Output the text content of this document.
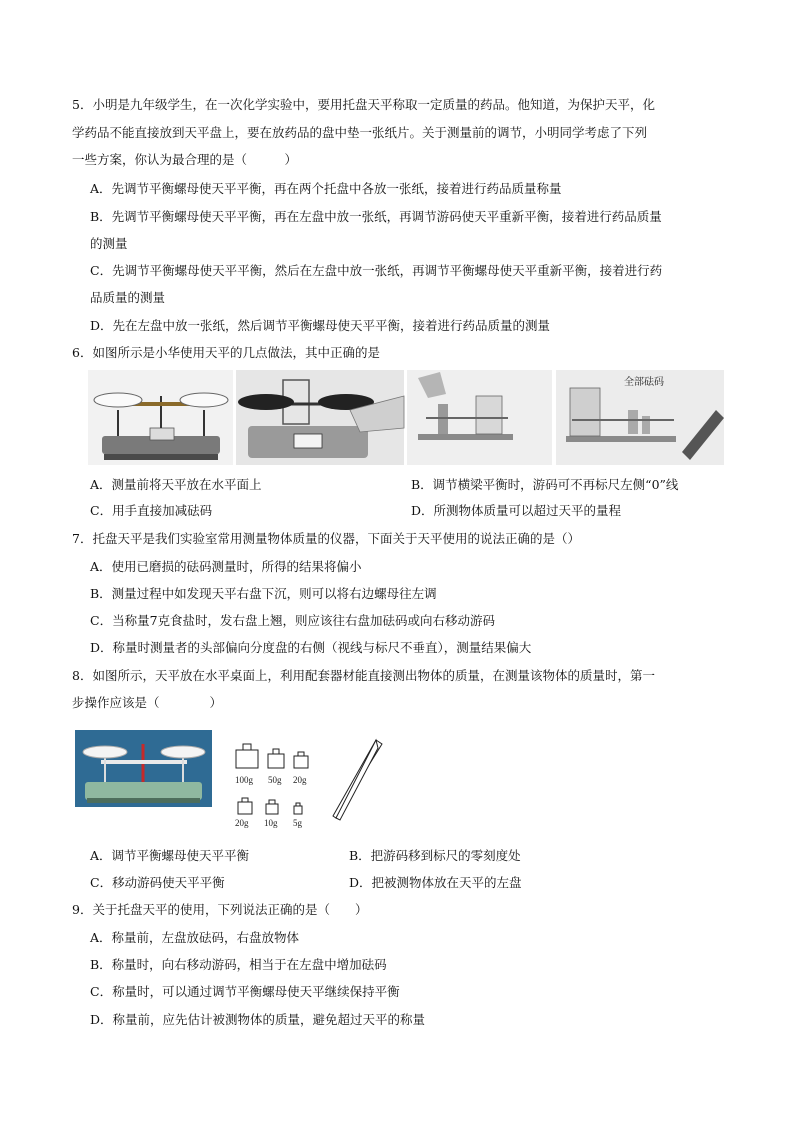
5．小明是九年级学生，在一次化学实验中，要用托盘天平称取一定质量的药品。他知道，为保护天平，化
学药品不能直接放到天平盘上，要在放药品的盘中垫一张纸片。关于测量前的调节，小明同学考虑了下列
一些方案，你认为最合理的是（　　　）
A．先调节平衡螺母使天平平衡，再在两个托盘中各放一张纸，接着进行药品质量称量
B．先调节平衡螺母使天平平衡，再在左盘中放一张纸，再调节游码使天平重新平衡，接着进行药品质量
的测量
C．先调节平衡螺母使天平平衡，然后在左盘中放一张纸，再调节平衡螺母使天平重新平衡，接着进行药
品质量的测量
D．先在左盘中放一张纸，然后调节平衡螺母使天平平衡，接着进行药品质量的测量
6．如图所示是小华使用天平的几点做法，其中正确的是
全部砝码
A．测量前将天平放在水平面上	B．调节横梁平衡时，游码可不再标尺左侧“0”线
C．用手直接加减砝码	D．所测物体质量可以超过天平的量程
7．托盘天平是我们实验室常用测量物体质量的仪器，下面关于天平使用的说法正确的是（）
A．使用已磨损的砝码测量时，所得的结果将偏小
B．测量过程中如发现天平右盘下沉，则可以将右边螺母往左调
C．当称量7克食盐时，发右盘上翘，则应该往右盘加砝码或向右移动游码
D．称量时测量者的头部偏向分度盘的右侧（视线与标尺不垂直），测量结果偏大
8．如图所示，天平放在水平桌面上，利用配套器材能直接测出物体的质量，在测量该物体的质量时，第一
步操作应该是（　　　　）
100g 50g 20g
20g 10g 5g
A．调节平衡螺母使天平平衡	B．把游码移到标尺的零刻度处
C．移动游码使天平平衡	D．把被测物体放在天平的左盘
9．关于托盘天平的使用，下列说法正确的是（　　）
A．称量前，左盘放砝码，右盘放物体
B．称量时，向右移动游码，相当于在左盘中增加砝码
C．称量时，可以通过调节平衡螺母使天平继续保持平衡
D．称量前，应先估计被测物体的质量，避免超过天平的称量
